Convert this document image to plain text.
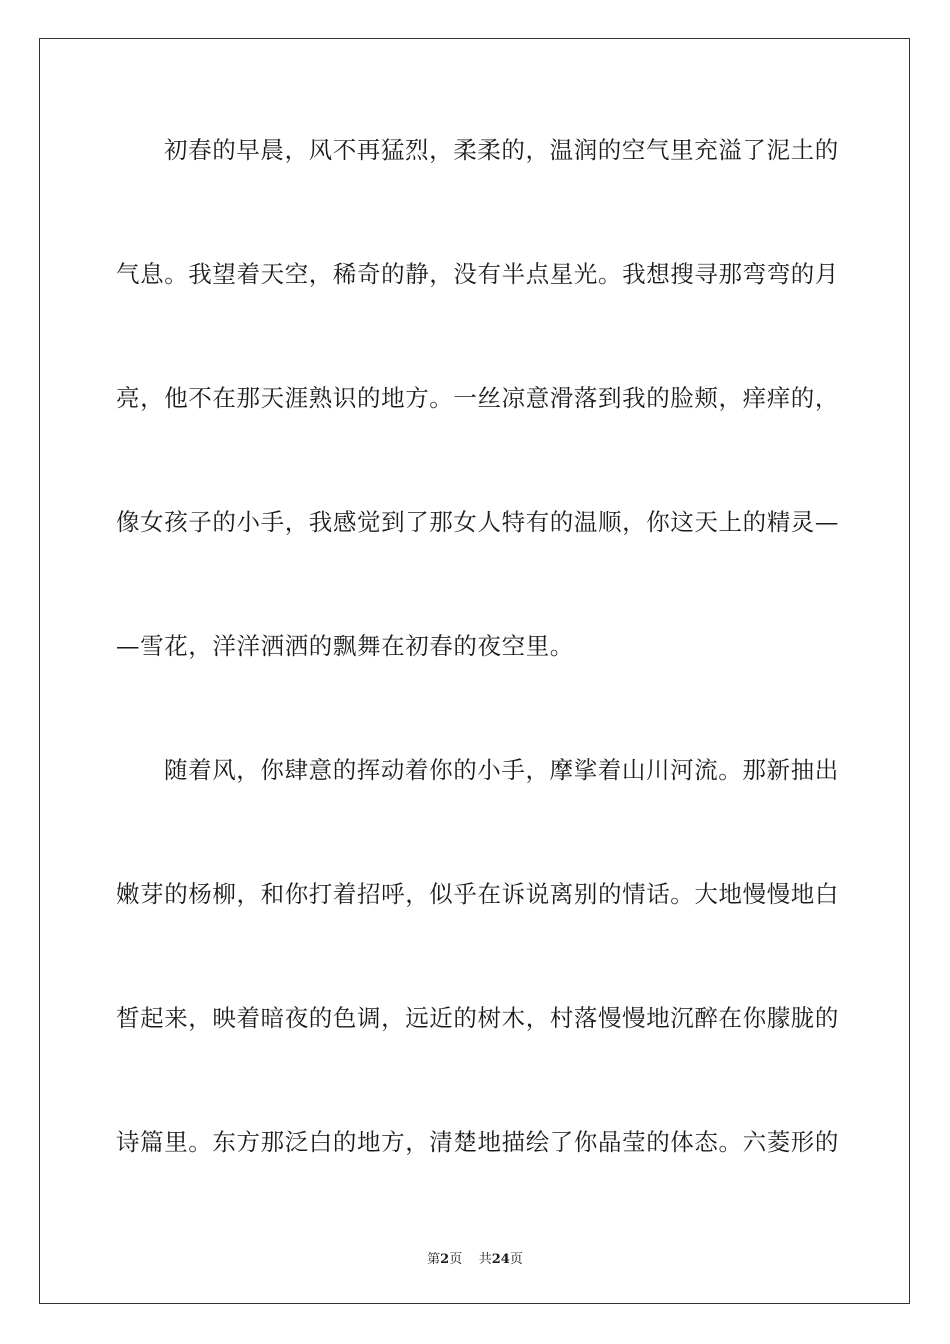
初春的早晨，风不再猛烈，柔柔的，温润的空气里充溢了泥土的
气息。我望着天空，稀奇的静，没有半点星光。我想搜寻那弯弯的月
亮，他不在那天涯熟识的地方。一丝凉意滑落到我的脸颊，痒痒的，
像女孩子的小手，我感觉到了那女人特有的温顺，你这天上的精灵—
—雪花，洋洋洒洒的飘舞在初春的夜空里。
随着风，你肆意的挥动着你的小手，摩挲着山川河流。那新抽出
嫩芽的杨柳，和你打着招呼，似乎在诉说离别的情话。大地慢慢地白
皙起来，映着暗夜的色调，远近的树木，村落慢慢地沉醉在你朦胧的
诗篇里。东方那泛白的地方，清楚地描绘了你晶莹的体态。六菱形的
第2页 共24页
